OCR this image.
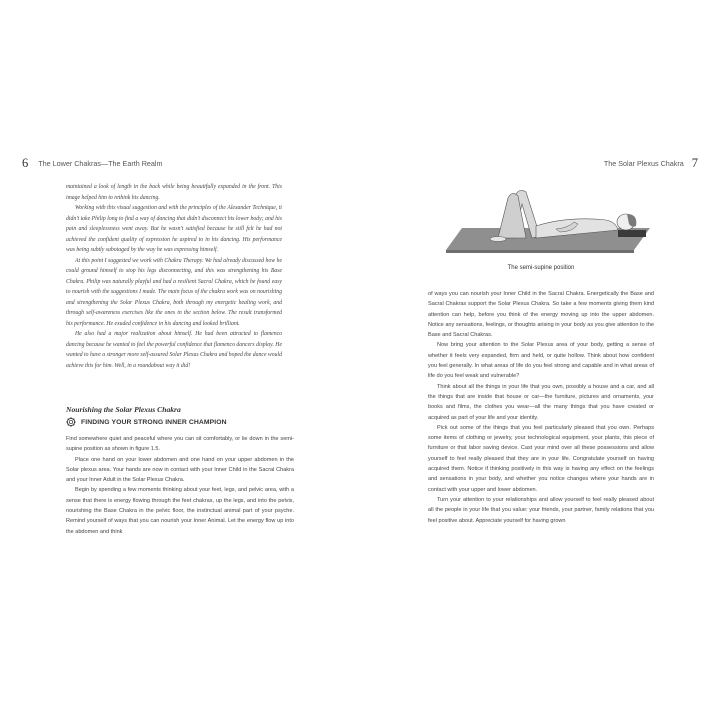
6 The Lower Chakras—The Earth Realm	The Solar Plexus Chakra 7

maintained a look of length in the back while being beautifully expanded in the front. This image helped him to rethink his dancing.

Working with this visual suggestion and with the principles of the Alexander Technique, it didn't take Philip long to find a way of dancing that didn't disconnect his lower body; and his pain and sleeplessness went away. But he wasn't satisfied because he still felt he had not achieved the confident quality of expression he aspired to in his dancing. His performance was being subtly sabotaged by the way he was expressing himself.

At this point I suggested we work with Chakra Therapy. We had already discussed how he could ground himself to stop his legs disconnecting, and this was strengthening his Base Chakra. Philip was naturally playful and had a resilient Sacral Chakra, which he found easy to nourish with the suggestions I made. The main focus of the chakra work was on nourishing and strengthening the Solar Plexus Chakra, both through my energetic healing work, and through self-awareness exercises like the ones in the section below. The result transformed his performance. He exuded confidence in his dancing and looked brilliant.

He also had a major realization about himself. He had been attracted to flamenco dancing because he wanted to feel the powerful confidence that flamenco dancers display. He wanted to have a stronger more self-assured Solar Plexus Chakra and hoped the dance would achieve this for him. Well, in a roundabout way it did!

Nourishing the Solar Plexus Chakra
FINDING YOUR STRONG INNER CHAMPION

Find somewhere quiet and peaceful where you can sit comfortably, or lie down in the semi-supine position as shown in figure 1.5.

Place one hand on your lower abdomen and one hand on your upper abdomen in the Solar plexus area. Your hands are now in contact with your Inner Child in the Sacral Chakra and your Inner Adult in the Solar Plexus Chakra.

Begin by spending a few moments thinking about your feet, legs, and pelvic area, with a sense that there is energy flowing through the feet chakras, up the legs, and into the pelvis, nourishing the Base Chakra in the pelvic floor, the instinctual animal part of your psyche. Remind yourself of ways that you can nourish your Inner Animal. Let the energy flow up into the abdomen and think

The semi-supine position

of ways you can nourish your Inner Child in the Sacral Chakra. Energetically the Base and Sacral Chakras support the Solar Plexus Chakra. So take a few moments giving them kind attention can help, before you think of the energy moving up into the upper abdomen. Notice any sensations, feelings, or thoughts arising in your body as you give attention to the Base and Sacral Chakras.

Now bring your attention to the Solar Plexus area of your body, getting a sense of whether it feels very expanded, firm and held, or quite hollow. Think about how confident you feel generally. In what areas of life do you feel strong and capable and in what areas of life do you feel weak and vulnerable?

Think about all the things in your life that you own, possibly a house and a car, and all the things that are inside that house or car—the furniture, pictures and ornaments, your books and films, the clothes you wear—all the many things that you have created or acquired as part of your life and your identity.

Pick out some of the things that you feel particularly pleased that you own. Perhaps some items of clothing or jewelry, your technological equipment, your plants, this piece of furniture or that labor saving device. Cast your mind over all these possessions and allow yourself to feel really pleased that they are in your life. Congratulate yourself on having acquired them. Notice if thinking positively in this way is having any effect on the feelings and sensations in your body, and whether you notice changes where your hands are in contact with your upper and lower abdomen.

Turn your attention to your relationships and allow yourself to feel really pleased about all the people in your life that you value: your friends, your partner, family relations that you feel positive about. Appreciate yourself for having grown
